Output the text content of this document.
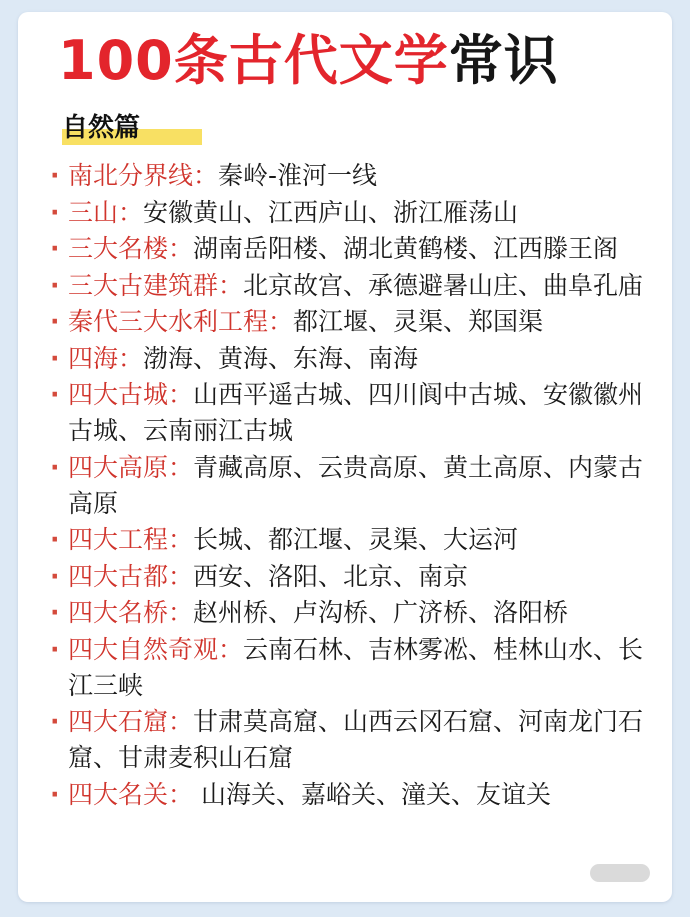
100条古代文学常识
自然篇
· 南北分界线：秦岭-淮河一线
· 三山：安徽黄山、江西庐山、浙江雁荡山
· 三大名楼：湖南岳阳楼、湖北黄鹤楼、江西滕王阁
· 三大古建筑群：北京故宫、承德避暑山庄、曲阜孔庙
· 秦代三大水利工程：都江堰、灵渠、郑国渠
· 四海：渤海、黄海、东海、南海
· 四大古城：山西平遥古城、四川阆中古城、安徽徽州古城、云南丽江古城
· 四大高原：青藏高原、云贵高原、黄土高原、内蒙古高原
· 四大工程：长城、都江堰、灵渠、大运河
· 四大古都：西安、洛阳、北京、南京
· 四大名桥：赵州桥、卢沟桥、广济桥、洛阳桥
· 四大自然奇观：云南石林、吉林雾凇、桂林山水、长江三峡
· 四大石窟：甘肃莫高窟、山西云冈石窟、河南龙门石窟、甘肃麦积山石窟
· 四大名关： 山海关、嘉峪关、潼关、友谊关
